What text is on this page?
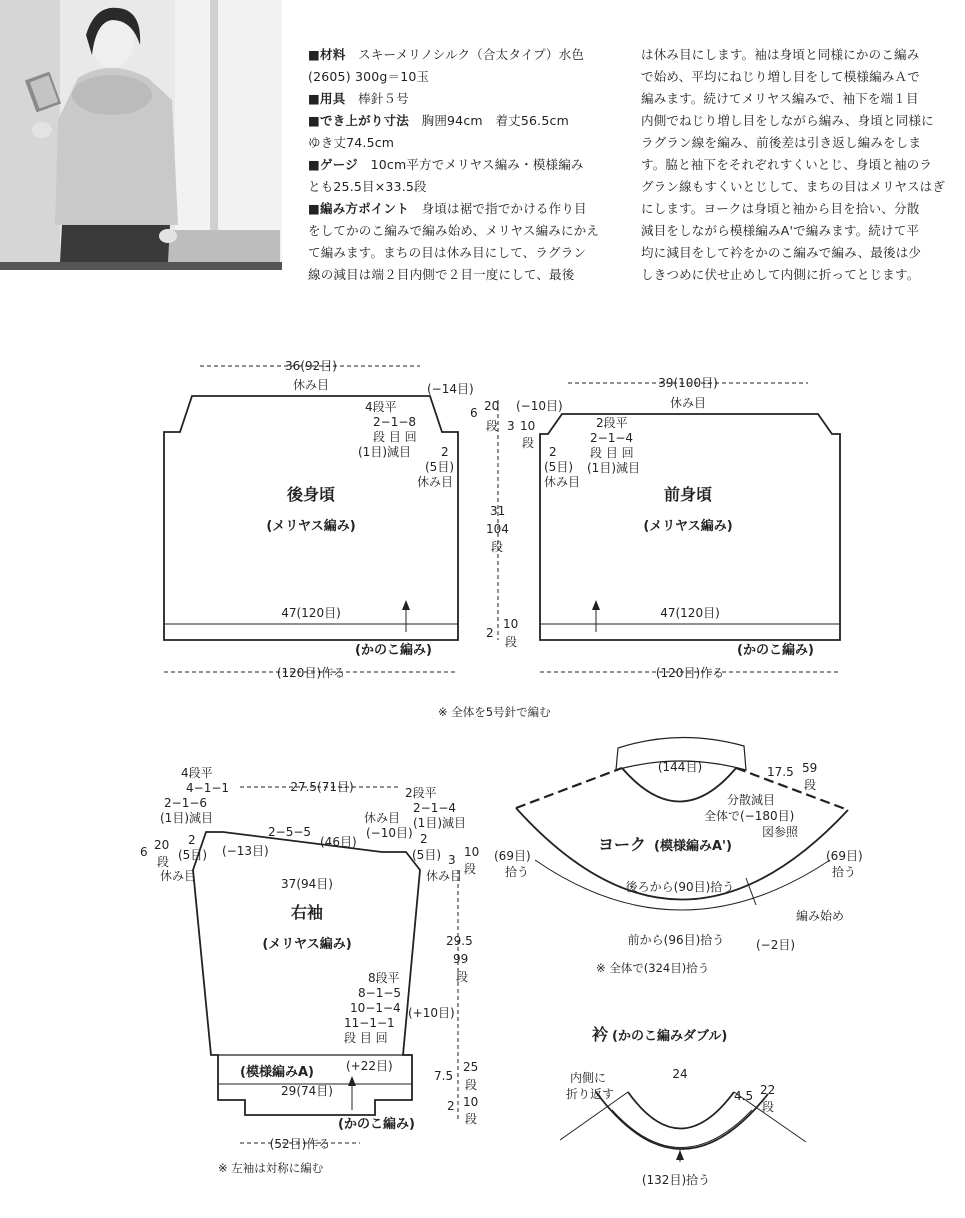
■材料　スキーメリノシルク（合太タイプ）水色
(2605) 300g＝10玉
■用具　棒針５号
■でき上がり寸法　胸囲94cm　着丈56.5cm
ゆき丈74.5cm
■ゲージ　10cm平方でメリヤス編み・模様編み
とも25.5目×33.5段
■編み方ポイント　身頃は裾で指でかける作り目
をしてかのこ編みで編み始め、メリヤス編みにかえ
て編みます。まちの目は休み目にして、ラグラン
線の減目は端２目内側で２目一度にして、最後
は休み目にします。袖は身頃と同様にかのこ編み
で始め、平均にねじり増し目をして模様編みＡで
編みます。続けてメリヤス編みで、袖下を端１目
内側でねじり増し目をしながら編み、身頃と同様に
ラグラン線を編み、前後差は引き返し編みをしま
す。脇と袖下をそれぞれすくいとじ、身頃と袖のラ
グラン線もすくいとじして、まちの目はメリヤスはぎ
にします。ヨークは身頃と袖から目を拾い、分散
減目をしながら模様編みA'で編みます。続けて平
均に減目をして衿をかのこ編みで編み、最後は少
しきつめに伏せ止めして内側に折ってとじます。
36(92目)
休み目	(−14目)
4段平
2−1−8
段 目 回
(1目)減目	2
(5目)
休み目
6 20
段
31
104
段
2
10
段
47(120目)
(120目)作る
後身頃
(メリヤス編み)
(かのこ編み)
39(100目)
休み目
(−10目)
3 10
段
2段平
2−1−4
段 目 回
(1目)減目
2
(5目)
休み目
47(120目)
(120目)作る
前身頃
(メリヤス編み)
(かのこ編み)
※ 全体を5号針で編む
4段平
4−1−1
2−1−6
(1目)減目
27.5(71目)	2段平
2−1−4
(1目)減目
休み目
2−5−5
(46目)
(−10目)
(−13目)
6 20
段
2
(5目)
休み目
2
(5目)
休み目
3
10
段
37(94目)
8段平
8−1−5
10−1−4
11−1−1
段 目 回
(+10目)
29.5
99
段
(+22目)
7.5
25
段
2 10
段
29(74目)
(52目)作る
※ 左袖は対称に編む
右袖
(メリヤス編み)
(模様編みA)
(かのこ編み)
(144目)	17.5 59
段
分散減目
全体で(−180目)
図参照
(69目)
拾う
(69目)
拾う
後ろから(90目)拾う
編み始め
前から(96目)拾う	(−2目)
※ 全体で(324目)拾う
ヨーク (模様編みA')
衿 (かのこ編みダブル)
24
内側に
折り返す	4.5 22
段
(132目)拾う
